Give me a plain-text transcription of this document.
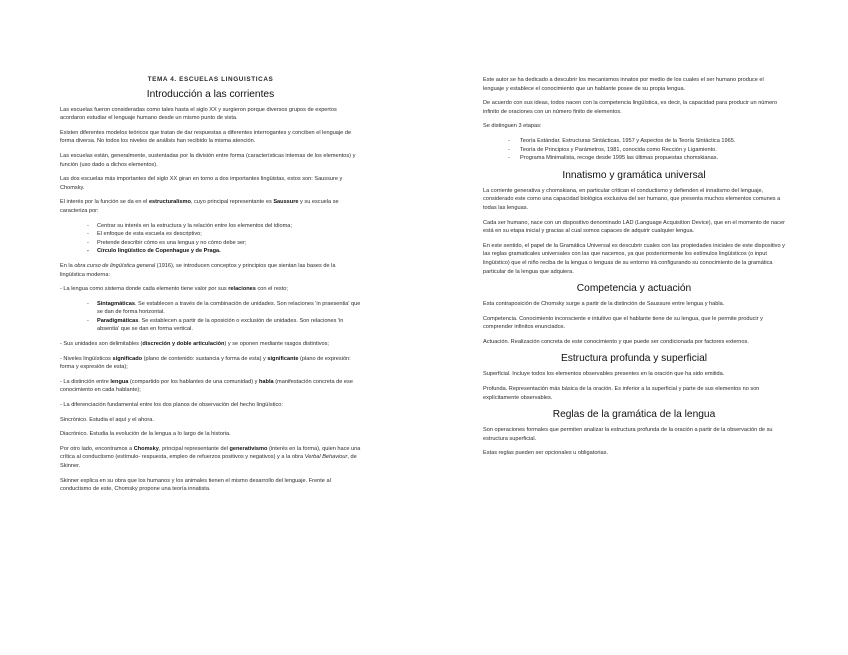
TEMA 4. ESCUELAS LINGUISTICAS

Introducción a las corrientes

Las escuelas fueron consideradas como tales hasta el siglo XX y surgieron porque diversos grupos de expertos acordaron estudiar el lenguaje humano desde un mismo punto de vista.

Existen diferentes modelos teóricos que tratan de dar respuestas a diferentes interrogantes y conciben el lenguaje de forma diversa. No todos los niveles de análisis han recibido la misma atención.

Las escuelas están, generalmente, sustentadas por la división entre forma (características internas de los elementos) y función (uso dado a dichos elementos).

Las dos escuelas más importantes del siglo XX giran en torno a dos importantes lingüistas, estos son: Saussure y Chomsky.

El interés por la función se da en el estructuralismo, cuyo principal representante es Saussure y su escuela se caracteriza por:

- Centrar su interés en la estructura y la relación entre los elementos del idioma;
- El enfoque de esta escuela es descriptivo;
- Pretende describir cómo es una lengua y no cómo debe ser;
- Círculo lingüístico de Copenhague y de Praga.

En la obra curso de lingüística general (1916), se introducen conceptos y principios que sientan las bases de la lingüística moderna:

- La lengua como sistema donde cada elemento tiene valor por sus relaciones con el resto;

- Sintagmáticas. Se establecen a través de la combinación de unidades. Son relaciones 'in praesentia' que se dan de forma horizontal.
- Paradigmáticas. Se establecen a partir de la oposición o exclusión de unidades. Son relaciones 'in absentia' que se dan en forma vertical.

- Sus unidades son delimitables (discreción y doble articulación) y se oponen mediante rasgos distintivos;

- Niveles lingüísticos significado (plano de contenido: sustancia y forma de esta) y significante (plano de expresión: forma y expresión de esta);

- La distinción entre lengua (compartido por los hablantes de una comunidad) y habla (manifestación concreta de ese conocimiento en cada hablante);

- La diferenciación fundamental entre los dos planos de observación del hecho lingüístico:

Sincrónico. Estudia el aquí y el ahora.

Diacrónico. Estudia la evolución de la lengua a lo largo de la historia.

Por otro lado, encontramos a Chomsky, principal representante del generativismo (interés en la forma), quien hace una crítica al conductismo (estímulo- respuesta, empleo de refuerzos positivos y negativos) y a la obra Verbal Behaviour, de Skinner.

Skinner explica en su obra que los humanos y los animales tienen el mismo desarrollo del lenguaje. Frente al conductismo de este, Chomsky propone una teoría innatista.

Este autor se ha dedicado a descubrir los mecanismos innatos por medio de los cuales el ser humano produce el lenguaje y establece el conocimiento que un hablante posee de su propia lengua.

De acuerdo con sus ideas, todos nacen con la competencia lingüística, es decir, la capacidad para producir un número infinito de oraciones con un número finito de elementos.

Se distinguen 3 etapas:

- Teoría Estándar. Estructuras Sintácticas, 1957 y Aspectos de la Teoría Sintáctica 1965.
- Teoría de Principios y Parámetros, 1981, conocida como Rección y Ligamiento.
- Programa Minimalista, recoge desde 1995 las últimas propuestas chomskianas.
Innatismo y gramática universal

La corriente generativa y chomskiana, en particular critican el conductismo y defienden el innatismo del lenguaje, considerado este como una capacidad biológica exclusiva del ser humano, que presenta muchos elementos comunes a todas las lenguas.

Cada ser humano, nace con un dispositivo denominado LAD (Language Acquisition Device), que en el momento de nacer está en su etapa inicial y gracias al cual somos capaces de adquirir cualquier lengua.

En este sentido, el papel de la Gramática Universal es descubrir cuales con las propiedades iniciales de este dispositivo y las reglas gramaticales universales con las que nacemos, ya que posteriormente los estímulos lingüísticos (o input lingüístico) que el niño reciba de la lengua o lenguas de su entorno irá configurando su conocimiento de la gramática particular de la lengua que adquiera.

Competencia y actuación

Esta contraposición de Chomsky surge a partir de la distinción de Saussure entre lengua y habla.

Competencia. Conocimiento inconsciente e intuitivo que el hablante tiene de su lengua, que le permite producir y comprender infinitos enunciados.

Actuación. Realización concreta de este conocimiento y que puede ser condicionada por factores externos.

Estructura profunda y superficial

Superficial. Incluye todos los elementos observables presentes en la oración que ha sido emitida.

Profunda. Representación más básica de la oración. Es inferior a la superficial y parte de sus elementos no son explícitamente observables.

Reglas de la gramática de la lengua

Son operaciones formales que permiten analizar la estructura profunda de la oración a partir de la observación de su estructura superficial.

Estas reglas pueden ser opcionales u obligatorias.
